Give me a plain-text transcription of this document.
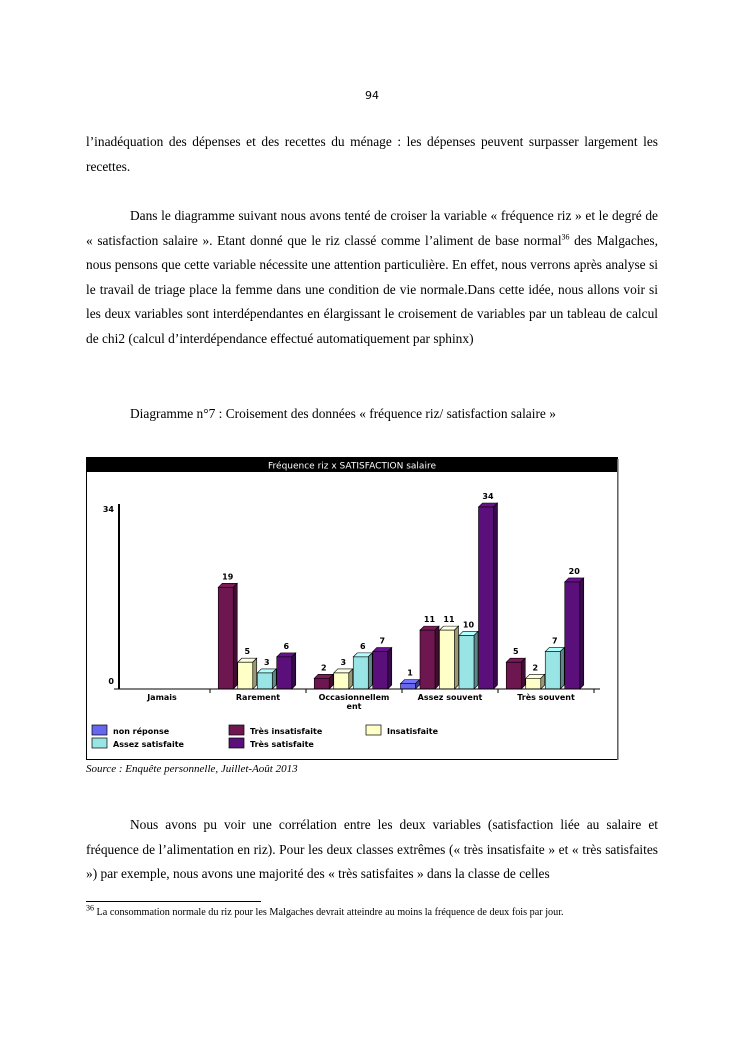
94

l’inadéquation des dépenses et des recettes du ménage : les dépenses peuvent surpasser largement les recettes.

Dans le diagramme suivant nous avons tenté de croiser la variable « fréquence riz » et le degré de « satisfaction salaire ». Etant donné que le riz classé comme l’aliment de base normal$^{36}$ des Malgaches, nous pensons que cette variable nécessite une attention particulière. En effet, nous verrons après analyse si le travail de triage place la femme dans une condition de vie normale.Dans cette idée, nous allons voir si les deux variables sont interdépendantes en élargissant le croisement de variables par un tableau de calcul de chi2 (calcul d’interdépendance effectué automatiquement par sphinx)

Diagramme n°7 : Croisement des données « fréquence riz/ satisfaction salaire »

Fréquence riz x SATISFACTION salaire
19
5
3
6
2
3
6
7
1
11 11
10
34
5
2
7
20
34
0
Jamais	Rarement	Occasionnellem
ent
Assez souvent	Très souvent
non réponse	Très insatisfaite	Insatisfaite
Assez satisfaite	Très satisfaite

Source : Enquête personnelle, Juillet-Août 2013

Nous avons pu voir une corrélation entre les deux variables (satisfaction liée au salaire et fréquence de l’alimentation en riz). Pour les deux classes extrêmes (« très insatisfaite » et « très satisfaites ») par exemple, nous avons une majorité des « très satisfaites » dans la classe de celles

$^{36}$ La consommation normale du riz pour les Malgaches devrait atteindre au moins la fréquence de deux fois par jour.
